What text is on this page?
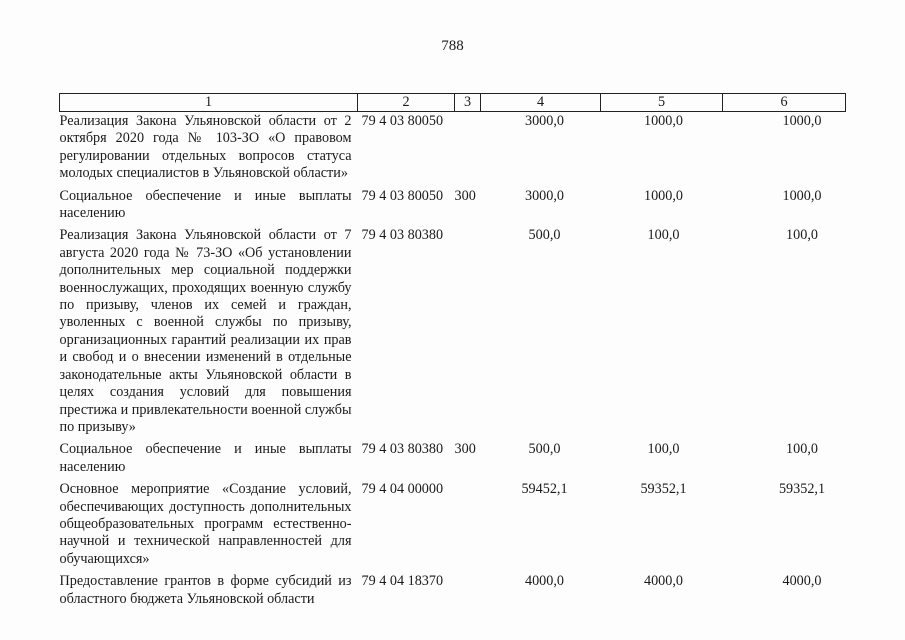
788
1	2	3	4	5	6
Реализация Закона Ульяновской области от 2 октября 2020 года № 103-ЗО «О правовом регулировании отдельных вопросов статуса молодых специалистов в Ульяновской области»	79 4 03 80050		3000,0	1000,0	1000,0
Социальное обеспечение и иные выплаты населению	79 4 03 80050	300	3000,0	1000,0	1000,0
Реализация Закона Ульяновской области от 7 августа 2020 года № 73-ЗО «Об установлении дополнительных мер социальной поддержки военнослужащих, проходящих военную службу по призыву, членов их семей и граждан, уволенных с военной службы по призыву, организационных гарантий реализации их прав и свобод и о внесении изменений в отдельные законодательные акты Ульяновской области в целях создания условий для повышения престижа и привлекательности военной службы по призыву»	79 4 03 80380		500,0	100,0	100,0
Социальное обеспечение и иные выплаты населению	79 4 03 80380	300	500,0	100,0	100,0
Основное мероприятие «Создание условий, обеспечивающих доступность дополнительных общеобразовательных программ естественно-научной и технической направленностей для обучающихся»	79 4 04 00000		59452,1	59352,1	59352,1
Предоставление грантов в форме субсидий из областного бюджета Ульяновской области	79 4 04 18370		4000,0	4000,0	4000,0
